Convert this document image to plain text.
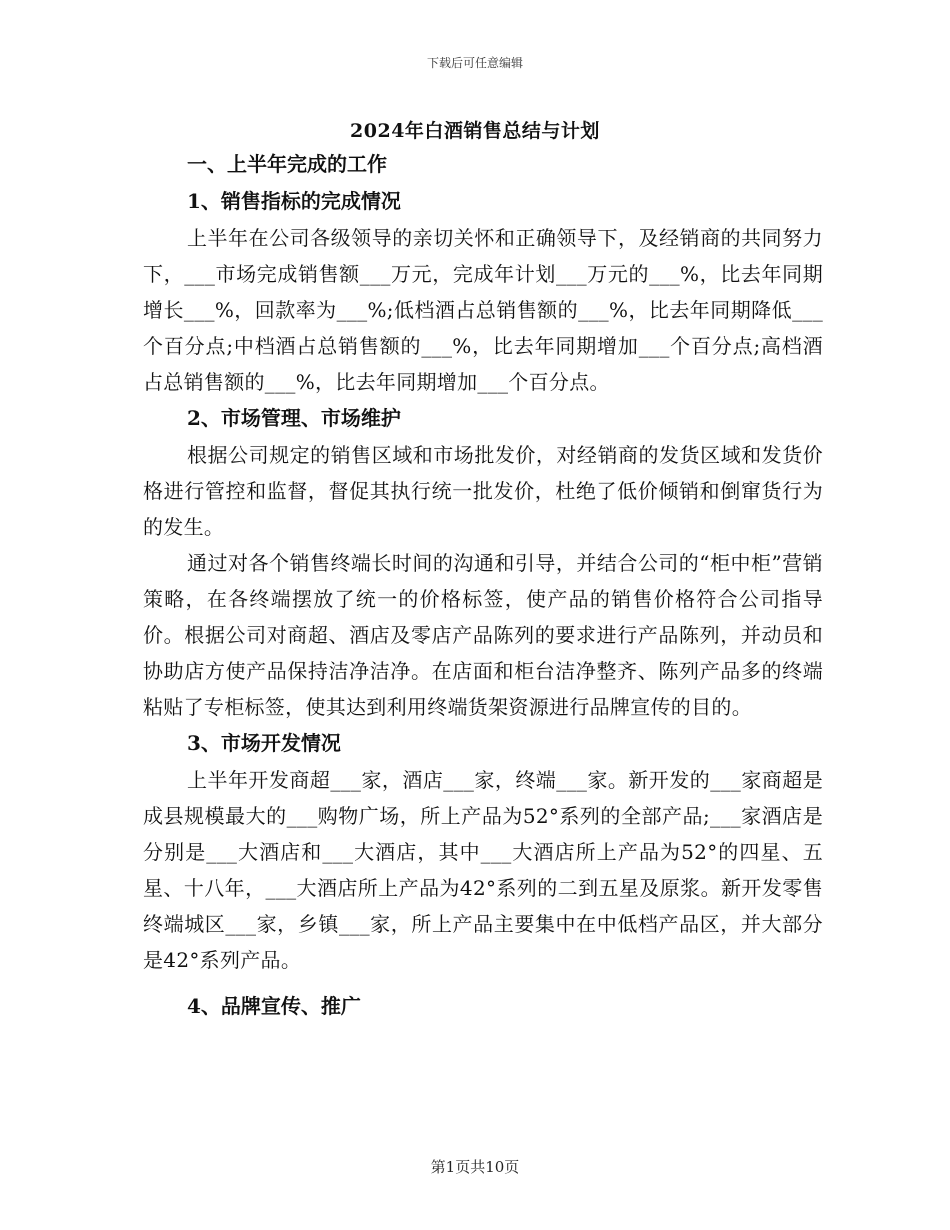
下载后可任意编辑
2024年白酒销售总结与计划

一、上半年完成的工作

1、销售指标的完成情况

上半年在公司各级领导的亲切关怀和正确领导下，及经销商的共同努力下，___市场完成销售额___万元，完成年计划___万元的___%，比去年同期增长___%，回款率为___%;低档酒占总销售额的___%，比去年同期降低___个百分点;中档酒占总销售额的___%，比去年同期增加___个百分点;高档酒占总销售额的___%，比去年同期增加___个百分点。

2、市场管理、市场维护

根据公司规定的销售区域和市场批发价，对经销商的发货区域和发货价格进行管控和监督，督促其执行统一批发价，杜绝了低价倾销和倒窜货行为的发生。

通过对各个销售终端长时间的沟通和引导，并结合公司的“柜中柜”营销策略，在各终端摆放了统一的价格标签，使产品的销售价格符合公司指导价。根据公司对商超、酒店及零店产品陈列的要求进行产品陈列，并动员和协助店方使产品保持洁净洁净。在店面和柜台洁净整齐、陈列产品多的终端粘贴了专柜标签，使其达到利用终端货架资源进行品牌宣传的目的。

3、市场开发情况

上半年开发商超___家，酒店___家，终端___家。新开发的___家商超是成县规模最大的___购物广场，所上产品为52°系列的全部产品;___家酒店是分别是___大酒店和___大酒店，其中___大酒店所上产品为52°的四星、五星、十八年，___大酒店所上产品为42°系列的二到五星及原浆。新开发零售终端城区___家，乡镇___家，所上产品主要集中在中低档产品区，并大部分是42°系列产品。

4、品牌宣传、推广

第1页共10页
